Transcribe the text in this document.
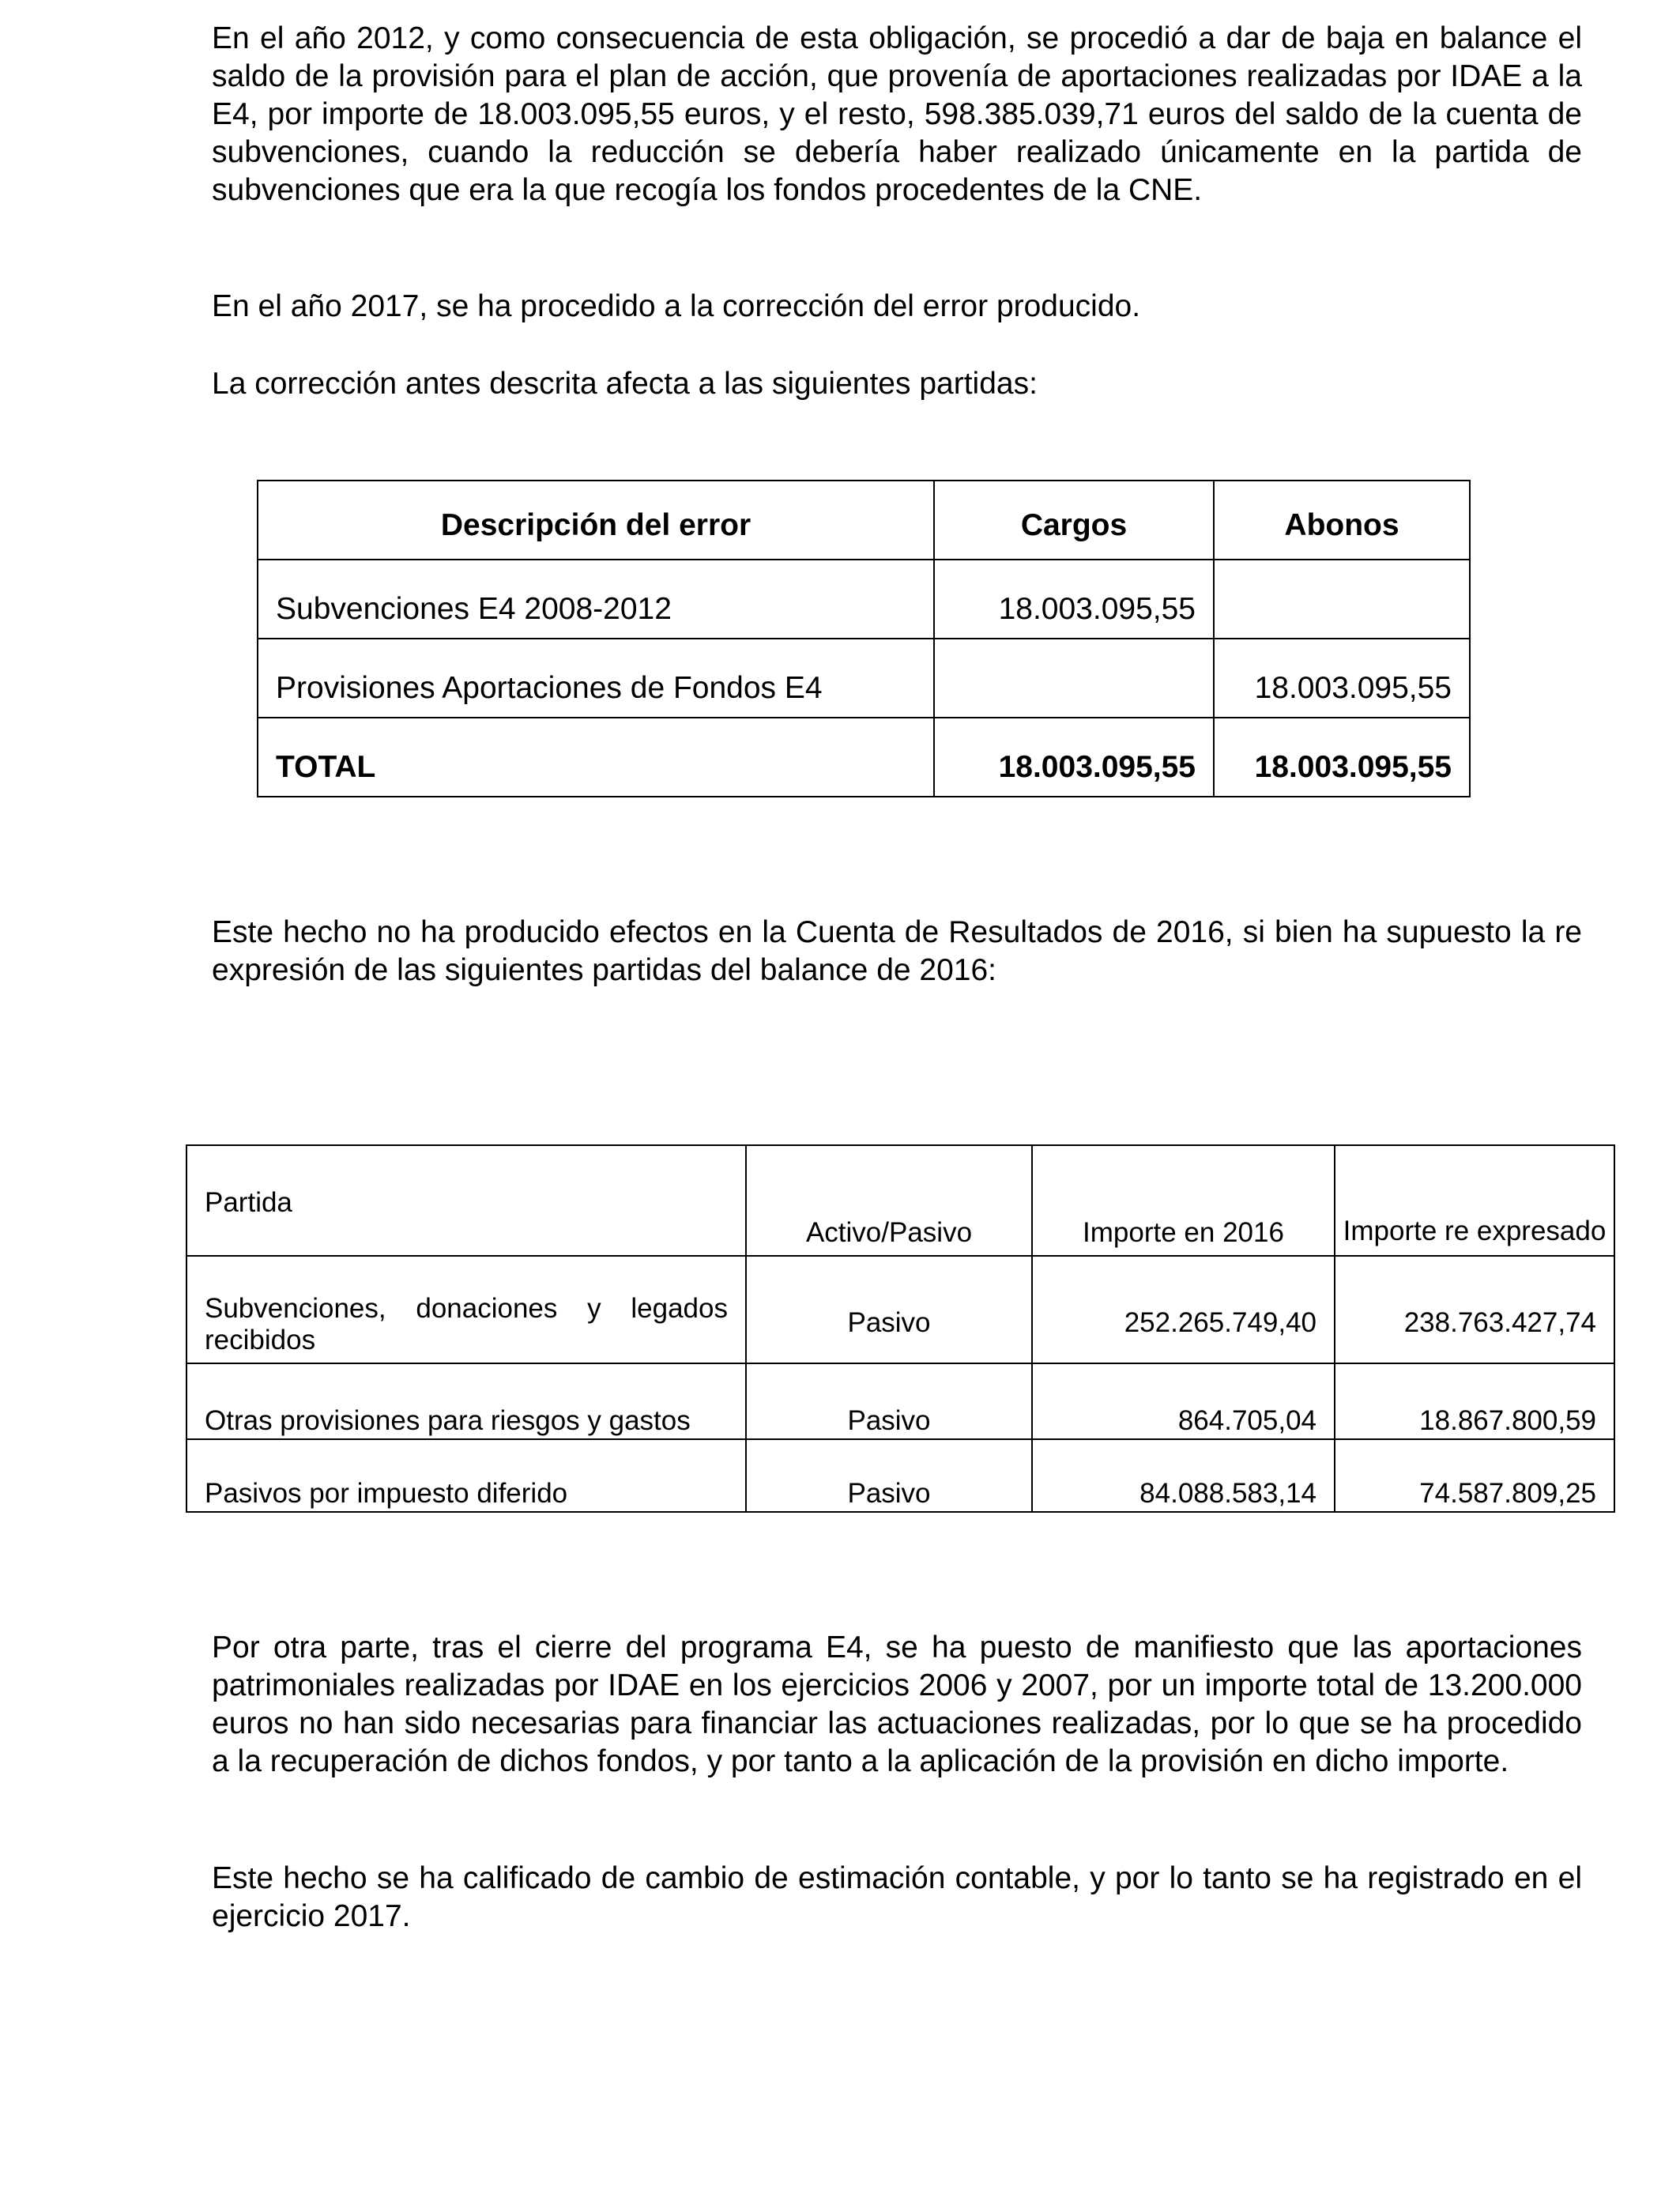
En el año 2012, y como consecuencia de esta obligación, se procedió a dar de baja en balance el saldo de la provisión para el plan de acción, que provenía de aportaciones realizadas por IDAE a la E4, por importe de 18.003.095,55 euros, y el resto, 598.385.039,71 euros del saldo de la cuenta de subvenciones, cuando la reducción se debería haber realizado únicamente en la partida de subvenciones que era la que recogía los fondos procedentes de la CNE.

En el año 2017, se ha procedido a la corrección del error producido.

La corrección antes descrita afecta a las siguientes partidas:

Descripción del error	Cargos	Abonos
Subvenciones E4 2008-2012	18.003.095,55	
Provisiones Aportaciones de Fondos E4		18.003.095,55
TOTAL	18.003.095,55	18.003.095,55

Este hecho no ha producido efectos en la Cuenta de Resultados de 2016, si bien ha supuesto la re expresión de las siguientes partidas del balance de 2016:

Partida	Activo/Pasivo	Importe en 2016	Importe re expresado
Subvenciones, donaciones y legados recibidos	Pasivo	252.265.749,40	238.763.427,74
Otras provisiones para riesgos y gastos	Pasivo	864.705,04	18.867.800,59
Pasivos por impuesto diferido	Pasivo	84.088.583,14	74.587.809,25

Por otra parte, tras el cierre del programa E4, se ha puesto de manifiesto que las aportaciones patrimoniales realizadas por IDAE en los ejercicios 2006 y 2007, por un importe total de 13.200.000 euros no han sido necesarias para financiar las actuaciones realizadas, por lo que se ha procedido a la recuperación de dichos fondos, y por tanto a la aplicación de la provisión en dicho importe.

Este hecho se ha calificado de cambio de estimación contable, y por lo tanto se ha registrado en el ejercicio 2017.
